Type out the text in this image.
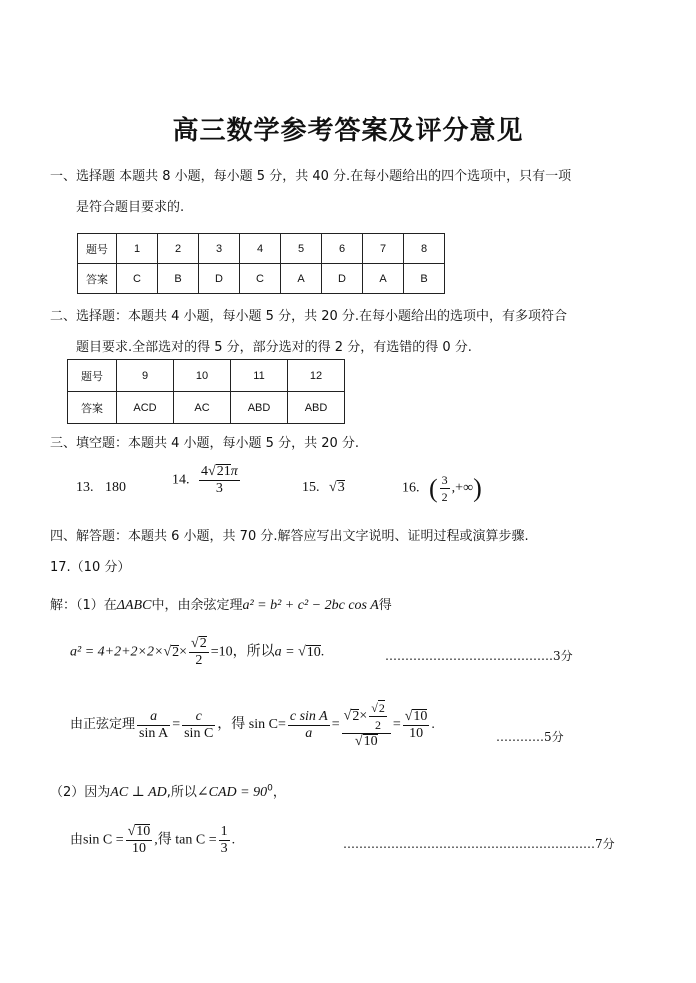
高三数学参考答案及评分意见
一、选择题 本题共 8 小题，每小题 5 分，共 40 分.在每小题给出的四个选项中，只有一项
是符合题目要求的.
题号	1	2	3	4	5	6	7	8
答案	C	B	D	C	A	D	A	B
二、选择题：本题共 4 小题，每小题 5 分，共 20 分.在每小题给出的选项中，有多项符合
题目要求.全部选对的得 5 分，部分选对的得 2 分，有选错的得 0 分.
题号	9	10	11	12
答案	ACD	AC	ABD	ABD
三、填空题：本题共 4 小题，每小题 5 分，共 20 分.
13. 180	14. $\frac{4√21\pi}{3}$	15. √3	16. ( $\frac{3}{2}$ ,+∞)
四、解答题：本题共 6 小题，共 70 分.解答应写出文字说明、证明过程或演算步骤.
17.（10 分）
解：（1）在ΔABC中，由余弦定理a² = b² + c² − 2bc cos A得
$a^2 = 4+2+2\times 2\times√2\times \frac{√2}{2} =10$，所以a = √10.	……………………………………3分
由正弦定理 $\frac{a}{\text{sin A}} = \frac{c}{\text{sin C}}$ ，得 $\sin C= \frac{\text{c sin A}}{a} = \frac{√2\times \frac{√2}{2}}{√10} = \frac{√10}{10}$ .
…………5分
（2）因为AC ⊥ AD,所以∠CAD = $90^0$，
由$\sin C = \frac{√10}{10}$ ,得 $\tan C = \frac{1}{3}$ .	………………………………………………………7分
